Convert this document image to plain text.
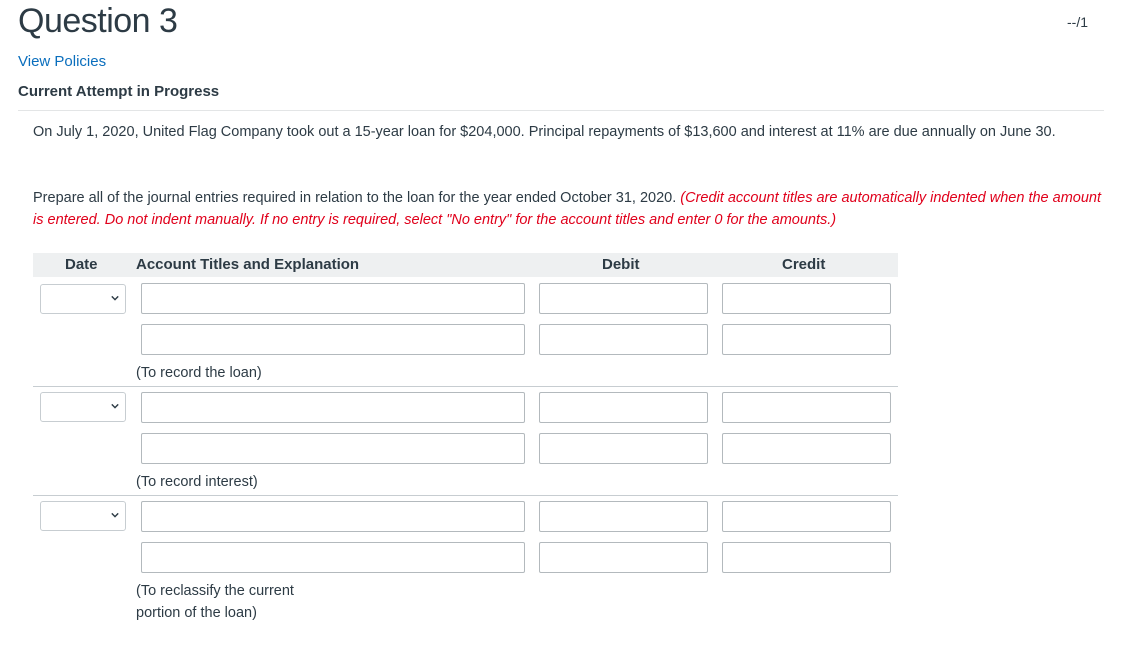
Question 3	--/1
View Policies
Current Attempt in Progress
On July 1, 2020, United Flag Company took out a 15-year loan for $204,000. Principal repayments of $13,600 and interest at 11% are due annually on June 30.
Prepare all of the journal entries required in relation to the loan for the year ended October 31, 2020. (Credit account titles are automatically indented when the amount is entered. Do not indent manually. If no entry is required, select "No entry" for the account titles and enter 0 for the amounts.)
Date	Account Titles and Explanation	Debit	Credit
(To record the loan)
(To record interest)
(To reclassify the current portion of the loan)
